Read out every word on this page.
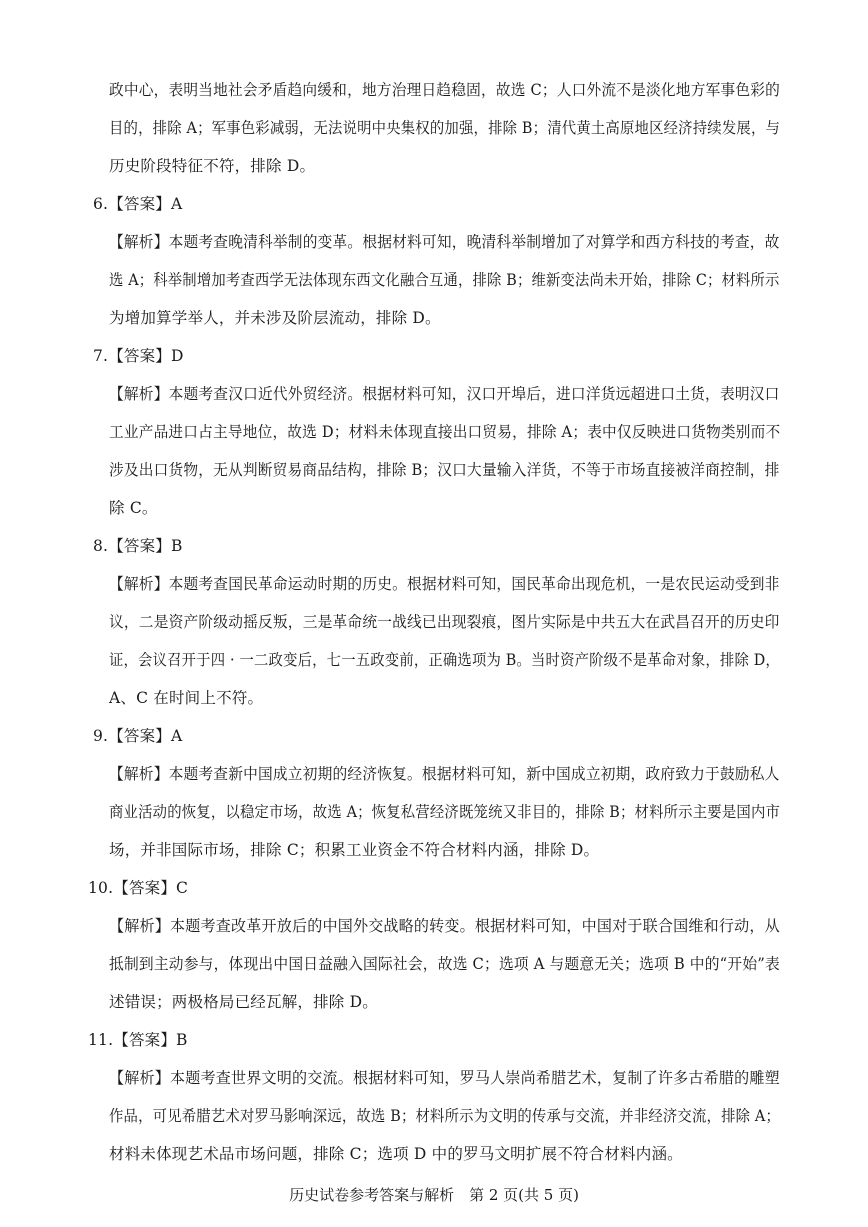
政中心，表明当地社会矛盾趋向缓和，地方治理日趋稳固，故选 C；人口外流不是淡化地方军事色彩的
目的，排除 A；军事色彩减弱，无法说明中央集权的加强，排除 B；清代黄土高原地区经济持续发展，与
历史阶段特征不符，排除 D。
6.【答案】A
【解析】本题考查晚清科举制的变革。根据材料可知，晚清科举制增加了对算学和西方科技的考查，故
选 A；科举制增加考查西学无法体现东西文化融合互通，排除 B；维新变法尚未开始，排除 C；材料所示
为增加算学举人，并未涉及阶层流动，排除 D。
7.【答案】D
【解析】本题考查汉口近代外贸经济。根据材料可知，汉口开埠后，进口洋货远超进口土货，表明汉口
工业产品进口占主导地位，故选 D；材料未体现直接出口贸易，排除 A；表中仅反映进口货物类别而不
涉及出口货物，无从判断贸易商品结构，排除 B；汉口大量输入洋货，不等于市场直接被洋商控制，排
除 C。
8.【答案】B
【解析】本题考查国民革命运动时期的历史。根据材料可知，国民革命出现危机，一是农民运动受到非
议，二是资产阶级动摇反叛，三是革命统一战线已出现裂痕，图片实际是中共五大在武昌召开的历史印
证，会议召开于四 · 一二政变后，七一五政变前，正确选项为 B。当时资产阶级不是革命对象，排除 D，
A、C 在时间上不符。
9.【答案】A
【解析】本题考查新中国成立初期的经济恢复。根据材料可知，新中国成立初期，政府致力于鼓励私人
商业活动的恢复，以稳定市场，故选 A；恢复私营经济既笼统又非目的，排除 B；材料所示主要是国内市
场，并非国际市场，排除 C；积累工业资金不符合材料内涵，排除 D。
10.【答案】C
【解析】本题考查改革开放后的中国外交战略的转变。根据材料可知，中国对于联合国维和行动，从
抵制到主动参与，体现出中国日益融入国际社会，故选 C；选项 A 与题意无关；选项 B 中的“开始”表
述错误；两极格局已经瓦解，排除 D。
11.【答案】B
【解析】本题考查世界文明的交流。根据材料可知，罗马人崇尚希腊艺术，复制了许多古希腊的雕塑
作品，可见希腊艺术对罗马影响深远，故选 B；材料所示为文明的传承与交流，并非经济交流，排除 A；
材料未体现艺术品市场问题，排除 C；选项 D 中的罗马文明扩展不符合材料内涵。
历史试卷参考答案与解析　第 2 页(共 5 页)
